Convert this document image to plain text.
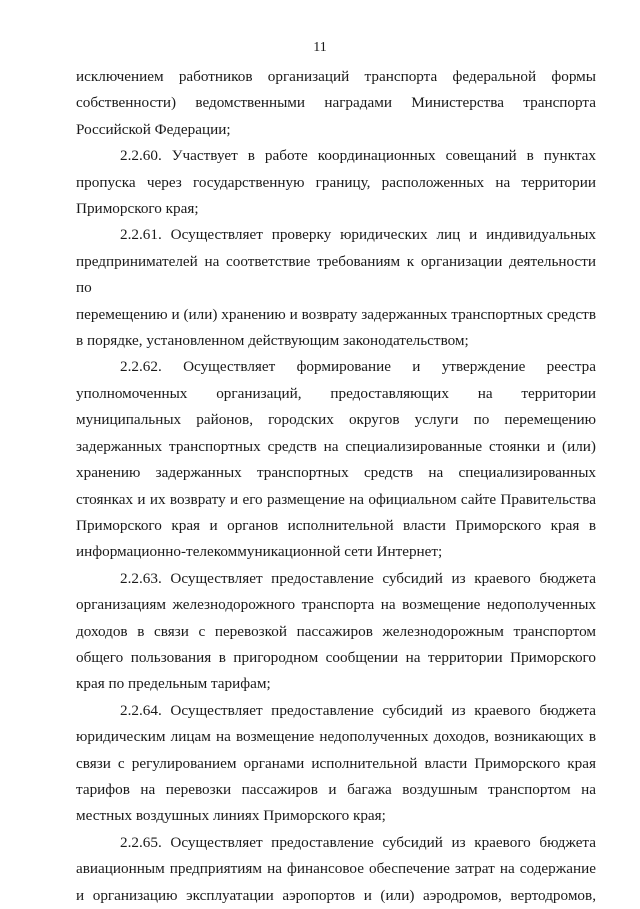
11

исключением работников организаций транспорта федеральной формы

собственности) ведомственными наградами Министерства транспорта

Российской Федерации;

2.2.60. Участвует в работе координационных совещаний в пунктах

пропуска через государственную границу, расположенных на территории

Приморского края;

2.2.61. Осуществляет проверку юридических лиц и индивидуальных

предпринимателей на соответствие требованиям к организации деятельности по

перемещению и (или) хранению и возврату задержанных транспортных средств

в порядке, установленном действующим законодательством;

2.2.62. Осуществляет формирование и утверждение реестра

уполномоченных организаций, предоставляющих на территории

муниципальных районов, городских округов услуги по перемещению

задержанных транспортных средств на специализированные стоянки и (или)

хранению задержанных транспортных средств на специализированных

стоянках и их возврату и его размещение на официальном сайте Правительства

Приморского края и органов исполнительной власти Приморского края в

информационно-телекоммуникационной сети Интернет;

2.2.63. Осуществляет предоставление субсидий из краевого бюджета

организациям железнодорожного транспорта на возмещение недополученных

доходов в связи с перевозкой пассажиров железнодорожным транспортом

общего пользования в пригородном сообщении на территории Приморского

края по предельным тарифам;

2.2.64. Осуществляет предоставление субсидий из краевого бюджета

юридическим лицам на возмещение недополученных доходов, возникающих в

связи с регулированием органами исполнительной власти Приморского края

тарифов на перевозки пассажиров и багажа воздушным транспортом на

местных воздушных линиях Приморского края;

2.2.65. Осуществляет предоставление субсидий из краевого бюджета

авиационным предприятиям на финансовое обеспечение затрат на содержание

и организацию эксплуатации аэропортов и (или) аэродромов, вертодромов,
